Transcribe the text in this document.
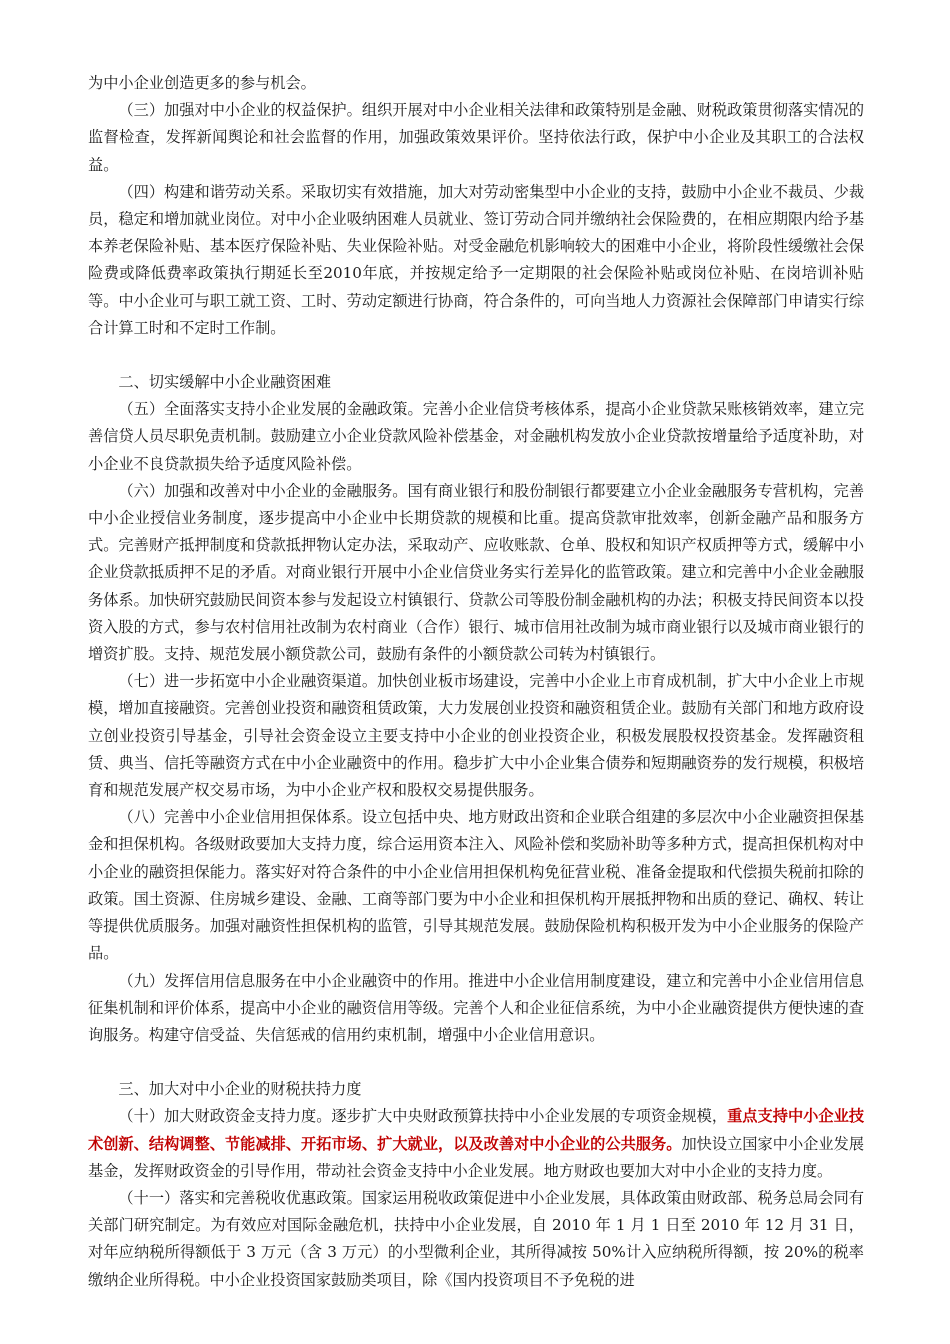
为中小企业创造更多的参与机会。

（三）加强对中小企业的权益保护。组织开展对中小企业相关法律和政策特别是金融、财税政策贯彻落实情况的监督检查，发挥新闻舆论和社会监督的作用，加强政策效果评价。坚持依法行政，保护中小企业及其职工的合法权益。

（四）构建和谐劳动关系。采取切实有效措施，加大对劳动密集型中小企业的支持，鼓励中小企业不裁员、少裁员，稳定和增加就业岗位。对中小企业吸纳困难人员就业、签订劳动合同并缴纳社会保险费的，在相应期限内给予基本养老保险补贴、基本医疗保险补贴、失业保险补贴。对受金融危机影响较大的困难中小企业，将阶段性缓缴社会保险费或降低费率政策执行期延长至2010年底，并按规定给予一定期限的社会保险补贴或岗位补贴、在岗培训补贴等。中小企业可与职工就工资、工时、劳动定额进行协商，符合条件的，可向当地人力资源社会保障部门申请实行综合计算工时和不定时工作制。

二、切实缓解中小企业融资困难

（五）全面落实支持小企业发展的金融政策。完善小企业信贷考核体系，提高小企业贷款呆账核销效率，建立完善信贷人员尽职免责机制。鼓励建立小企业贷款风险补偿基金，对金融机构发放小企业贷款按增量给予适度补助，对小企业不良贷款损失给予适度风险补偿。

（六）加强和改善对中小企业的金融服务。国有商业银行和股份制银行都要建立小企业金融服务专营机构，完善中小企业授信业务制度，逐步提高中小企业中长期贷款的规模和比重。提高贷款审批效率，创新金融产品和服务方式。完善财产抵押制度和贷款抵押物认定办法，采取动产、应收账款、仓单、股权和知识产权质押等方式，缓解中小企业贷款抵质押不足的矛盾。对商业银行开展中小企业信贷业务实行差异化的监管政策。建立和完善中小企业金融服务体系。加快研究鼓励民间资本参与发起设立村镇银行、贷款公司等股份制金融机构的办法；积极支持民间资本以投资入股的方式，参与农村信用社改制为农村商业（合作）银行、城市信用社改制为城市商业银行以及城市商业银行的增资扩股。支持、规范发展小额贷款公司，鼓励有条件的小额贷款公司转为村镇银行。

（七）进一步拓宽中小企业融资渠道。加快创业板市场建设，完善中小企业上市育成机制，扩大中小企业上市规模，增加直接融资。完善创业投资和融资租赁政策，大力发展创业投资和融资租赁企业。鼓励有关部门和地方政府设立创业投资引导基金，引导社会资金设立主要支持中小企业的创业投资企业，积极发展股权投资基金。发挥融资租赁、典当、信托等融资方式在中小企业融资中的作用。稳步扩大中小企业集合债券和短期融资券的发行规模，积极培育和规范发展产权交易市场，为中小企业产权和股权交易提供服务。

（八）完善中小企业信用担保体系。设立包括中央、地方财政出资和企业联合组建的多层次中小企业融资担保基金和担保机构。各级财政要加大支持力度，综合运用资本注入、风险补偿和奖励补助等多种方式，提高担保机构对中小企业的融资担保能力。落实好对符合条件的中小企业信用担保机构免征营业税、准备金提取和代偿损失税前扣除的政策。国土资源、住房城乡建设、金融、工商等部门要为中小企业和担保机构开展抵押物和出质的登记、确权、转让等提供优质服务。加强对融资性担保机构的监管，引导其规范发展。鼓励保险机构积极开发为中小企业服务的保险产品。

（九）发挥信用信息服务在中小企业融资中的作用。推进中小企业信用制度建设，建立和完善中小企业信用信息征集机制和评价体系，提高中小企业的融资信用等级。完善个人和企业征信系统，为中小企业融资提供方便快速的查询服务。构建守信受益、失信惩戒的信用约束机制，增强中小企业信用意识。

三、加大对中小企业的财税扶持力度

（十）加大财政资金支持力度。逐步扩大中央财政预算扶持中小企业发展的专项资金规模，重点支持中小企业技术创新、结构调整、节能减排、开拓市场、扩大就业，以及改善对中小企业的公共服务。加快设立国家中小企业发展基金，发挥财政资金的引导作用，带动社会资金支持中小企业发展。地方财政也要加大对中小企业的支持力度。

（十一）落实和完善税收优惠政策。国家运用税收政策促进中小企业发展，具体政策由财政部、税务总局会同有关部门研究制定。为有效应对国际金融危机，扶持中小企业发展，自 2010 年 1 月 1 日至 2010 年 12 月 31 日，对年应纳税所得额低于 3 万元（含 3 万元）的小型微利企业，其所得减按 50%计入应纳税所得额，按 20%的税率缴纳企业所得税。中小企业投资国家鼓励类项目，除《国内投资项目不予免税的进
